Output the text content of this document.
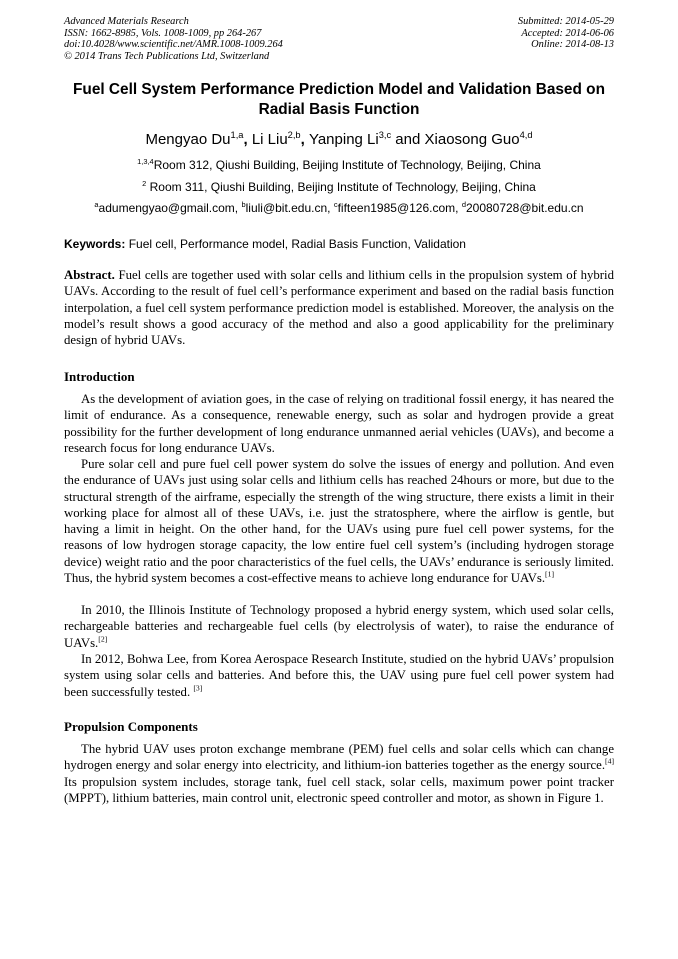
Advanced Materials Research
ISSN: 1662-8985, Vols. 1008-1009, pp 264-267
doi:10.4028/www.scientific.net/AMR.1008-1009.264
© 2014 Trans Tech Publications Ltd, Switzerland
Submitted: 2014-05-29
Accepted: 2014-06-06
Online: 2014-08-13
Fuel Cell System Performance Prediction Model and Validation Based on Radial Basis Function
Mengyao Du$^{1,a}$, Li Liu$^{2,b}$, Yanping Li$^{3,c}$ and Xiaosong Guo$^{4,d}$
$^{1,3,4}$Room 312, Qiushi Building, Beijing Institute of Technology, Beijing, China
$^2$ Room 311, Qiushi Building, Beijing Institute of Technology, Beijing, China
$^a$adumengyao@gmail.com, $^b$liuli@bit.edu.cn, $^c$fifteen1985@126.com, $^d$20080728@bit.edu.cn
Keywords: Fuel cell, Performance model, Radial Basis Function, Validation
Abstract. Fuel cells are together used with solar cells and lithium cells in the propulsion system of hybrid UAVs. According to the result of fuel cell’s performance experiment and based on the radial basis function interpolation, a fuel cell system performance prediction model is established. Moreover, the analysis on the model’s result shows a good accuracy of the method and also a good applicability for the preliminary design of hybrid UAVs.
Introduction
As the development of aviation goes, in the case of relying on traditional fossil energy, it has neared the limit of endurance. As a consequence, renewable energy, such as solar and hydrogen provide a great possibility for the further development of long endurance unmanned aerial vehicles (UAVs), and become a research focus for long endurance UAVs.
Pure solar cell and pure fuel cell power system do solve the issues of energy and pollution. And even the endurance of UAVs just using solar cells and lithium cells has reached 24hours or more, but due to the structural strength of the airframe, especially the strength of the wing structure, there exists a limit in their working place for almost all of these UAVs, i.e. just the stratosphere, where the airflow is gentle, but having a limit in height. On the other hand, for the UAVs using pure fuel cell power systems, for the reasons of low hydrogen storage capacity, the low entire fuel cell system’s (including hydrogen storage device) weight ratio and the poor characteristics of the fuel cells, the UAVs’ endurance is seriously limited. Thus, the hybrid system becomes a cost-effective means to achieve long endurance for UAVs.[1]
In 2010, the Illinois Institute of Technology proposed a hybrid energy system, which used solar cells, rechargeable batteries and rechargeable fuel cells (by electrolysis of water), to raise the endurance of UAVs.[2]
In 2012, Bohwa Lee, from Korea Aerospace Research Institute, studied on the hybrid UAVs’ propulsion system using solar cells and batteries. And before this, the UAV using pure fuel cell power system had been successfully tested. [3]
Propulsion Components
The hybrid UAV uses proton exchange membrane (PEM) fuel cells and solar cells which can change hydrogen energy and solar energy into electricity, and lithium-ion batteries together as the energy source.[4] Its propulsion system includes, storage tank, fuel cell stack, solar cells, maximum power point tracker (MPPT), lithium batteries, main control unit, electronic speed controller and motor, as shown in Figure 1.
